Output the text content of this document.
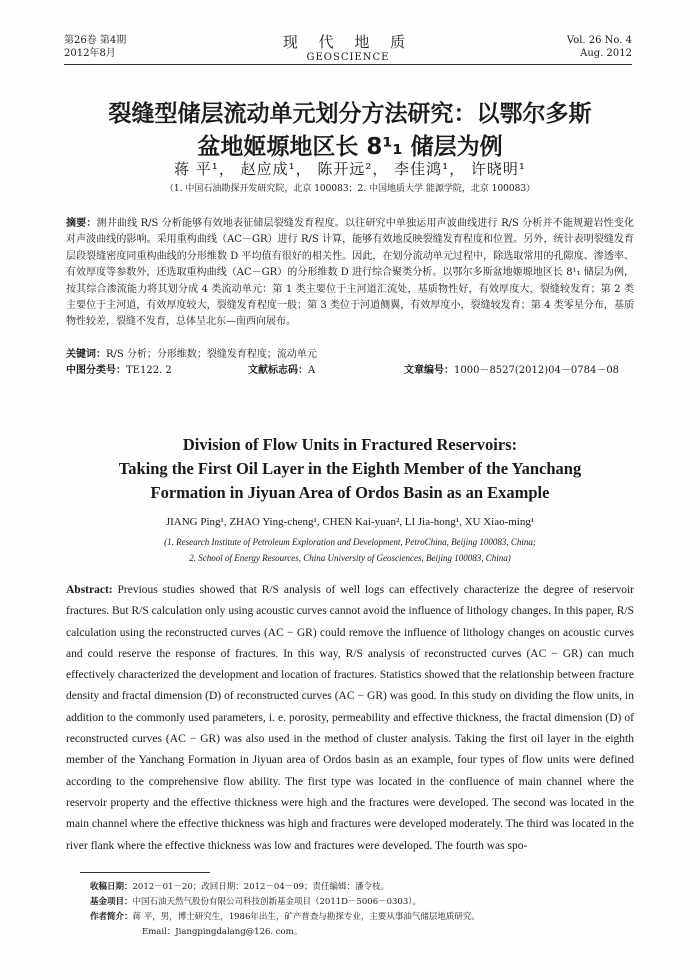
第26卷 第4期
2012年8月
现 代 地 质
GEOSCIENCE
Vol. 26 No. 4
Aug. 2012
裂缝型储层流动单元划分方法研究：以鄂尔多斯
盆地姬塬地区长 8¹₁ 储层为例
蒋 平¹， 赵应成¹， 陈开远²， 李佳鸿¹， 许晓明¹
（1. 中国石油勘探开发研究院，北京 100083；2. 中国地质大学 能源学院，北京 100083）
摘要：测井曲线 R/S 分析能够有效地表征储层裂缝发育程度。以往研究中单独运用声波曲线进行 R/S 分析并不能规避岩性变化对声波曲线的影响。采用重构曲线（AC－GR）进行 R/S 计算，能够有效地反映裂缝发育程度和位置。另外，统计表明裂缝发育层段裂缝密度同重构曲线的分形维数 D 平均值有很好的相关性。因此，在划分流动单元过程中，除选取常用的孔隙度、渗透率、有效厚度等参数外，还选取重构曲线（AC－GR）的分形维数 D 进行综合聚类分析。以鄂尔多斯盆地姬塬地区长 8¹₁ 储层为例，按其综合渗流能力将其划分成 4 类流动单元：第 1 类主要位于主河道汇流处，基质物性好，有效厚度大，裂缝较发育；第 2 类主要位于主河道，有效厚度较大，裂缝发育程度一般；第 3 类位于河道侧翼，有效厚度小，裂缝较发育；第 4 类零星分布，基质物性较差，裂缝不发育，总体呈北东—南西向展布。
关键词：R/S 分析；分形维数；裂缝发育程度；流动单元
中图分类号：TE122. 2	文献标志码：A	文章编号：1000－8527(2012)04－0784－08
Division of Flow Units in Fractured Reservoirs:
Taking the First Oil Layer in the Eighth Member of the Yanchang
Formation in Jiyuan Area of Ordos Basin as an Example
JIANG Ping¹, ZHAO Ying-cheng¹, CHEN Kai-yuan², LI Jia-hong¹, XU Xiao-ming¹
(1. Research Institute of Petroleum Exploration and Development, PetroChina, Beijing 100083, China;
2. School of Energy Resources, China University of Geosciences, Beijing 100083, China)
Abstract: Previous studies showed that R/S analysis of well logs can effectively characterize the degree of reservoir fractures. But R/S calculation only using acoustic curves cannot avoid the influence of lithology changes. In this paper, R/S calculation using the reconstructed curves (AC − GR) could remove the influence of lithology changes on acoustic curves and could reserve the response of fractures. In this way, R/S analysis of reconstructed curves (AC − GR) can much effectively characterized the development and location of fractures. Statistics showed that the relationship between fracture density and fractal dimension (D) of reconstructed curves (AC − GR) was good. In this study on dividing the flow units, in addition to the commonly used parameters, i. e. porosity, permeability and effective thickness, the fractal dimension (D) of reconstructed curves (AC − GR) was also used in the method of cluster analysis. Taking the first oil layer in the eighth member of the Yanchang Formation in Jiyuan area of Ordos basin as an example, four types of flow units were defined according to the comprehensive flow ability. The first type was located in the confluence of main channel where the reservoir property and the effective thickness were high and the fractures were developed. The second was located in the main channel where the effective thickness was high and fractures were developed moderately. The third was located in the river flank where the effective thickness was low and fractures were developed. The fourth was spo-
收稿日期：2012－01－20；改回日期：2012－04－09；责任编辑：潘令枝。
基金项目：中国石油天然气股份有限公司科技创新基金项目（2011D－5006－0303）。
作者简介：蒋 平，男，博士研究生，1986年出生，矿产普查与勘探专业，主要从事油气储层地质研究。
Email：Jiangpingdalang@126. com。
